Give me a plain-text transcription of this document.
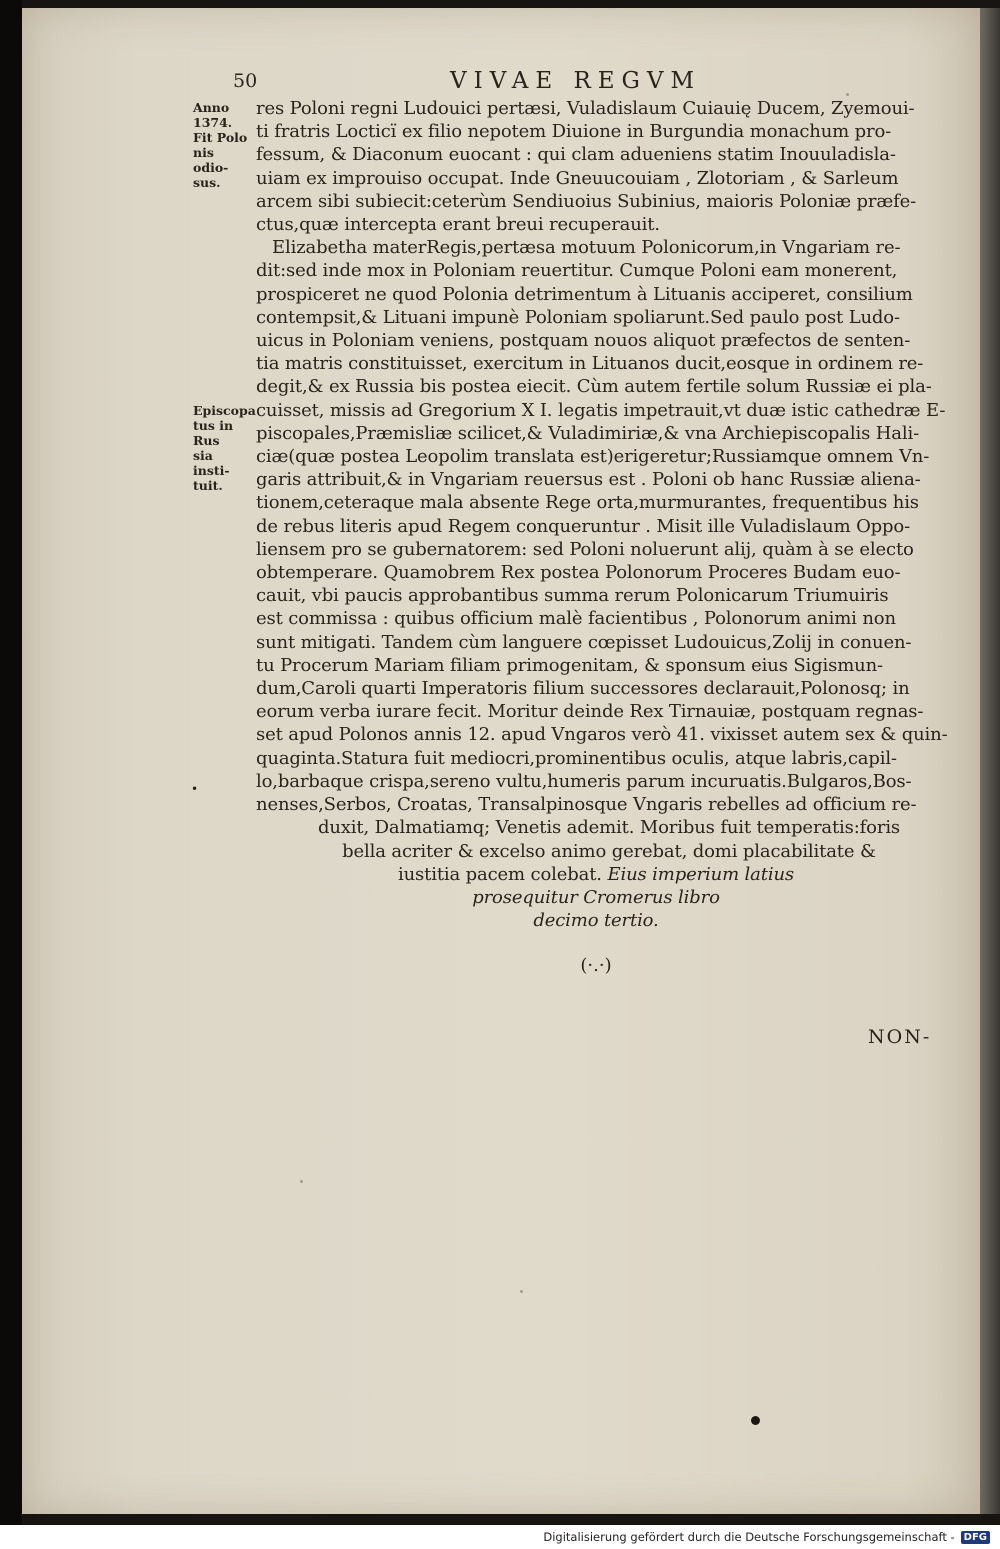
50	VIVAE REGVM
Anno
1374.
Fit Polo
nis odio-
sus.
Episcopa
tus in Rus
sia insti-
tuit.
res Poloni regni Ludouici pertæsi, Vuladislaum Cuiauię Ducem, Zyemoui-
ti fratris Locticï ex filio nepotem Diuione in Burgundia monachum pro-
fessum, & Diaconum euocant : qui clam adueniens statim Inouuladisla-
uiam ex improuiso occupat. Inde Gneuucouiam , Zlotoriam , & Sarleum
arcem sibi subiecit:ceterùm Sendiuoius Subinius, maioris Poloniæ præfe-
ctus,quæ intercepta erant breui recuperauit.
Elizabetha materRegis,pertæsa motuum Polonicorum,in Vngariam re-
dit:sed inde mox in Poloniam reuertitur. Cumque Poloni eam monerent,
prospiceret ne quod Polonia detrimentum à Lituanis acciperet, consilium
contempsit,& Lituani impunè Poloniam spoliarunt.Sed paulo post Ludo-
uicus in Poloniam veniens, postquam nouos aliquot præfectos de senten-
tia matris constituisset, exercitum in Lituanos ducit,eosque in ordinem re-
degit,& ex Russia bis postea eiecit. Cùm autem fertile solum Russiæ ei pla-
cuisset, missis ad Gregorium X I. legatis impetrauit,vt duæ istic cathedræ E-
piscopales,Præmisliæ scilicet,& Vuladimiriæ,& vna Archiepiscopalis Hali-
ciæ(quæ postea Leopolim translata est)erigeretur;Russiamque omnem Vn-
garis attribuit,& in Vngariam reuersus est . Poloni ob hanc Russiæ aliena-
tionem,ceteraque mala absente Rege orta,murmurantes, frequentibus his
de rebus literis apud Regem conqueruntur . Misit ille Vuladislaum Oppo-
liensem pro se gubernatorem: sed Poloni noluerunt alij, quàm à se electo
obtemperare. Quamobrem Rex postea Polonorum Proceres Budam euo-
cauit, vbi paucis approbantibus summa rerum Polonicarum Triumuiris
est commissa : quibus officium malè facientibus , Polonorum animi non
sunt mitigati. Tandem cùm languere cœpisset Ludouicus,Zolij in conuen-
tu Procerum Mariam filiam primogenitam, & sponsum eius Sigismun-
dum,Caroli quarti Imperatoris filium successores declarauit,Polonosq; in
eorum verba iurare fecit. Moritur deinde Rex Tirnauiæ, postquam regnas-
set apud Polonos annis 12. apud Vngaros verò 41. vixisset autem sex & quin-
quaginta.Statura fuit mediocri,prominentibus oculis, atque labris,capil-
lo,barbaque crispa,sereno vultu,humeris parum incuruatis.Bulgaros,Bos-
nenses,Serbos, Croatas, Transalpinosque Vngaris rebelles ad officium re-
duxit, Dalmatiamq; Venetis ademit. Moribus fuit temperatis:foris
bella acriter & excelso animo gerebat, domi placabilitate &
iustitia pacem colebat. Eius imperium latius
prosequitur Cromerus libro
decimo tertio.
(·.·)
NON-
•
Digitalisierung gefördert durch die Deutsche Forschungsgemeinschaft - DFG
